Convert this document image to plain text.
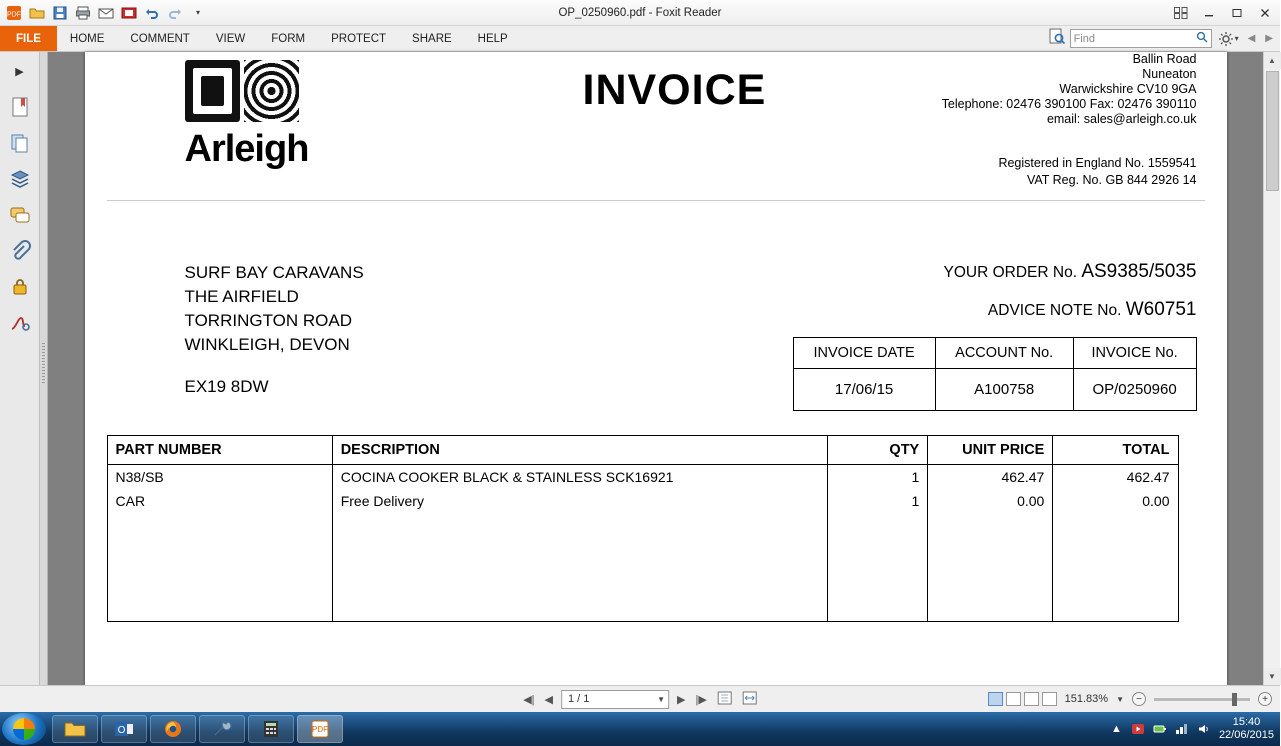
PDF	▾	OP_0250960.pdf - Foxit Reader
FILE	HOME	COMMENT	VIEW	FORM	PROTECT	SHARE	HELP	Find	▾ ◀	▶
▶
Arleigh
INVOICE
Ballin Road
Nuneaton
Warwickshire CV10 9GA
Telephone: 02476 390100 Fax: 02476 390110
email: sales@arleigh.co.uk
Registered in England No. 1559541
VAT Reg. No. GB 844 2926 14
SURF BAY CARAVANS
THE AIRFIELD
TORRINGTON ROAD
WINKLEIGH, DEVON
EX19 8DW
YOUR ORDER No. AS9385/5035
ADVICE NOTE No. W60751
INVOICE DATE	ACCOUNT No.	INVOICE No.
17/06/15	A100758	OP/0250960
PART NUMBER	DESCRIPTION	QTY	UNIT PRICE	TOTAL
N38/SB	COCINA COOKER BLACK & STAINLESS SCK16921	1	462.47	462.47
CAR	Free Delivery	1	0.00	0.00

▲
▼
◀| ◀ 1 / 1	▼ ▶ |▶	151.83% ▼	−	+
O	PDF	▲
15:40
22/06/2015
